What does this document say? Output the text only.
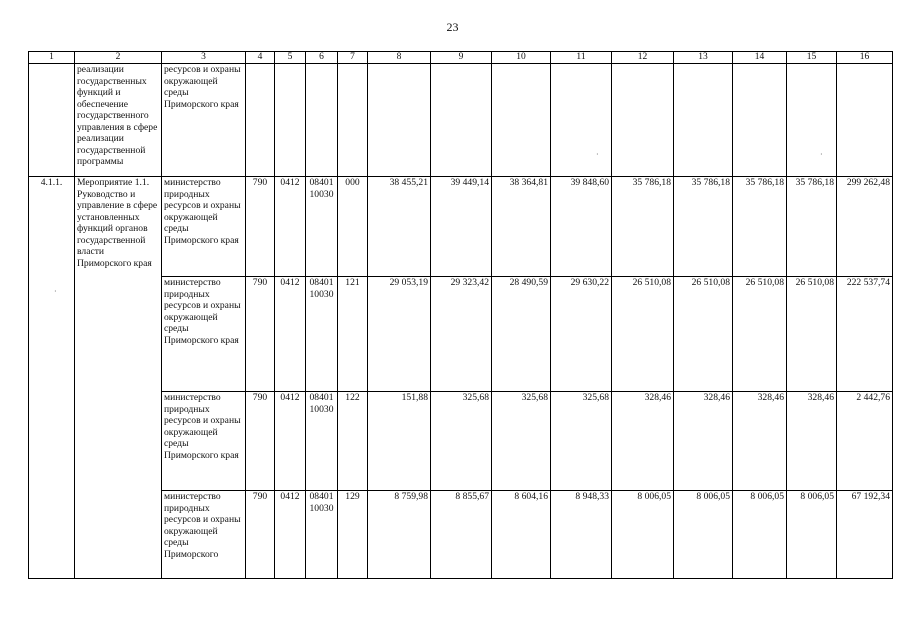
23
1	2	3	4	5	6	7	8	9	10	11	12	13	14	15	16
	реализации государственных функций и обеспечение государственного управления в сфере реализации государственной программы	ресурсов и охраны окружающей среды Приморского края													
4.1.1.	Мероприятие 1.1. Руководство и управление в сфере установленных функций органов государственной власти Приморского края	министерство природных ресурсов и охраны окружающей среды Приморского края	790	0412	08401 10030	000	38 455,21	39 449,14	38 364,81	39 848,60	35 786,18	35 786,18	35 786,18	35 786,18	299 262,48
		министерство природных ресурсов и охраны окружающей среды Приморского края	790	0412	08401 10030	121	29 053,19	29 323,42	28 490,59	29 630,22	26 510,08	26 510,08	26 510,08	26 510,08	222 537,74
		министерство природных ресурсов и охраны окружающей среды Приморского края	790	0412	08401 10030	122	151,88	325,68	325,68	325,68	328,46	328,46	328,46	328,46	2 442,76
		министерство природных ресурсов и охраны окружающей среды Приморского	790	0412	08401 10030	129	8 759,98	8 855,67	8 604,16	8 948,33	8 006,05	8 006,05	8 006,05	8 006,05	67 192,34
·
·	·
